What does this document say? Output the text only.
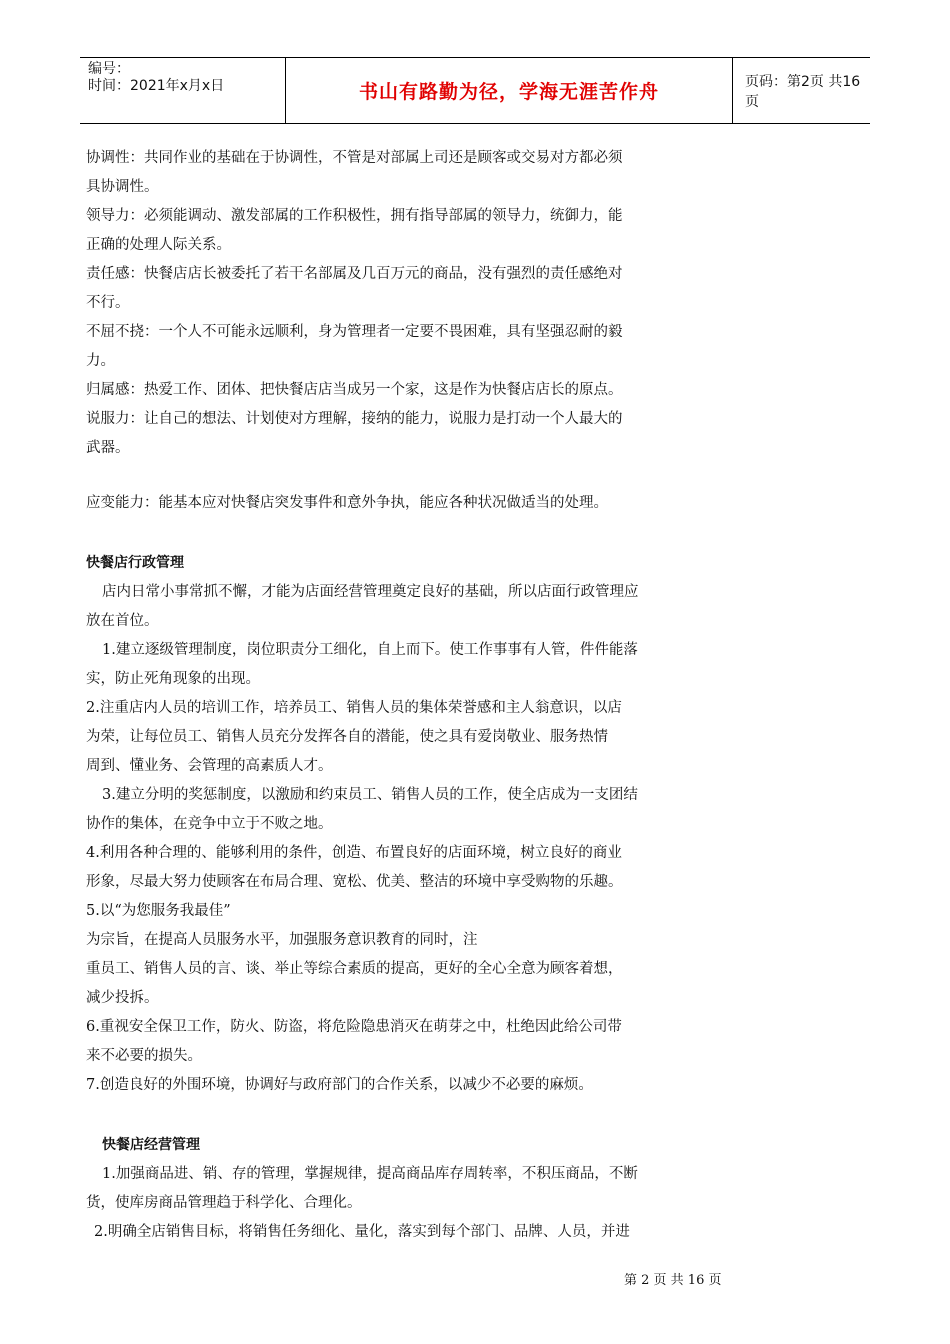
编号：
时间：2021年x月x日	书山有路勤为径，学海无涯苦作舟	页码：第2页 共16页

协调性：共同作业的基础在于协调性，不管是对部属上司还是顾客或交易对方都必须

具协调性。

领导力：必须能调动、激发部属的工作积极性，拥有指导部属的领导力，统御力，能

正确的处理人际关系。

责任感：快餐店店长被委托了若干名部属及几百万元的商品，没有强烈的责任感绝对

不行。

不屈不挠：一个人不可能永远顺利，身为管理者一定要不畏困难，具有坚强忍耐的毅

力。

归属感：热爱工作、团体、把快餐店店当成另一个家，这是作为快餐店店长的原点。

说服力：让自己的想法、计划使对方理解，接纳的能力，说服力是打动一个人最大的

武器。

应变能力：能基本应对快餐店突发事件和意外争执，能应各种状况做适当的处理。

快餐店行政管理

店内日常小事常抓不懈，才能为店面经营管理奠定良好的基础，所以店面行政管理应

放在首位。

1.建立逐级管理制度，岗位职责分工细化，自上而下。使工作事事有人管，件件能落

实，防止死角现象的出现。

2.注重店内人员的培训工作，培养员工、销售人员的集体荣誉感和主人翁意识，以店

为荣，让每位员工、销售人员充分发挥各自的潜能，使之具有爱岗敬业、服务热情

周到、懂业务、会管理的高素质人才。

3.建立分明的奖惩制度，以激励和约束员工、销售人员的工作，使全店成为一支团结

协作的集体，在竞争中立于不败之地。

4.利用各种合理的、能够利用的条件，创造、布置良好的店面环境，树立良好的商业

形象，尽最大努力使顾客在布局合理、宽松、优美、整洁的环境中享受购物的乐趣。

5.以“为您服务我最佳”

为宗旨，在提高人员服务水平，加强服务意识教育的同时，注

重员工、销售人员的言、谈、举止等综合素质的提高，更好的全心全意为顾客着想，

减少投拆。

6.重视安全保卫工作，防火、防盗，将危险隐患消灭在萌芽之中，杜绝因此给公司带

来不必要的损失。

7.创造良好的外围环境，协调好与政府部门的合作关系，以减少不必要的麻烦。

快餐店经营管理

1.加强商品进、销、存的管理，掌握规律，提高商品库存周转率，不积压商品，不断

货，使库房商品管理趋于科学化、合理化。

2.明确全店销售目标，将销售任务细化、量化，落实到每个部门、品牌、人员，并进

第 2 页 共 16 页
